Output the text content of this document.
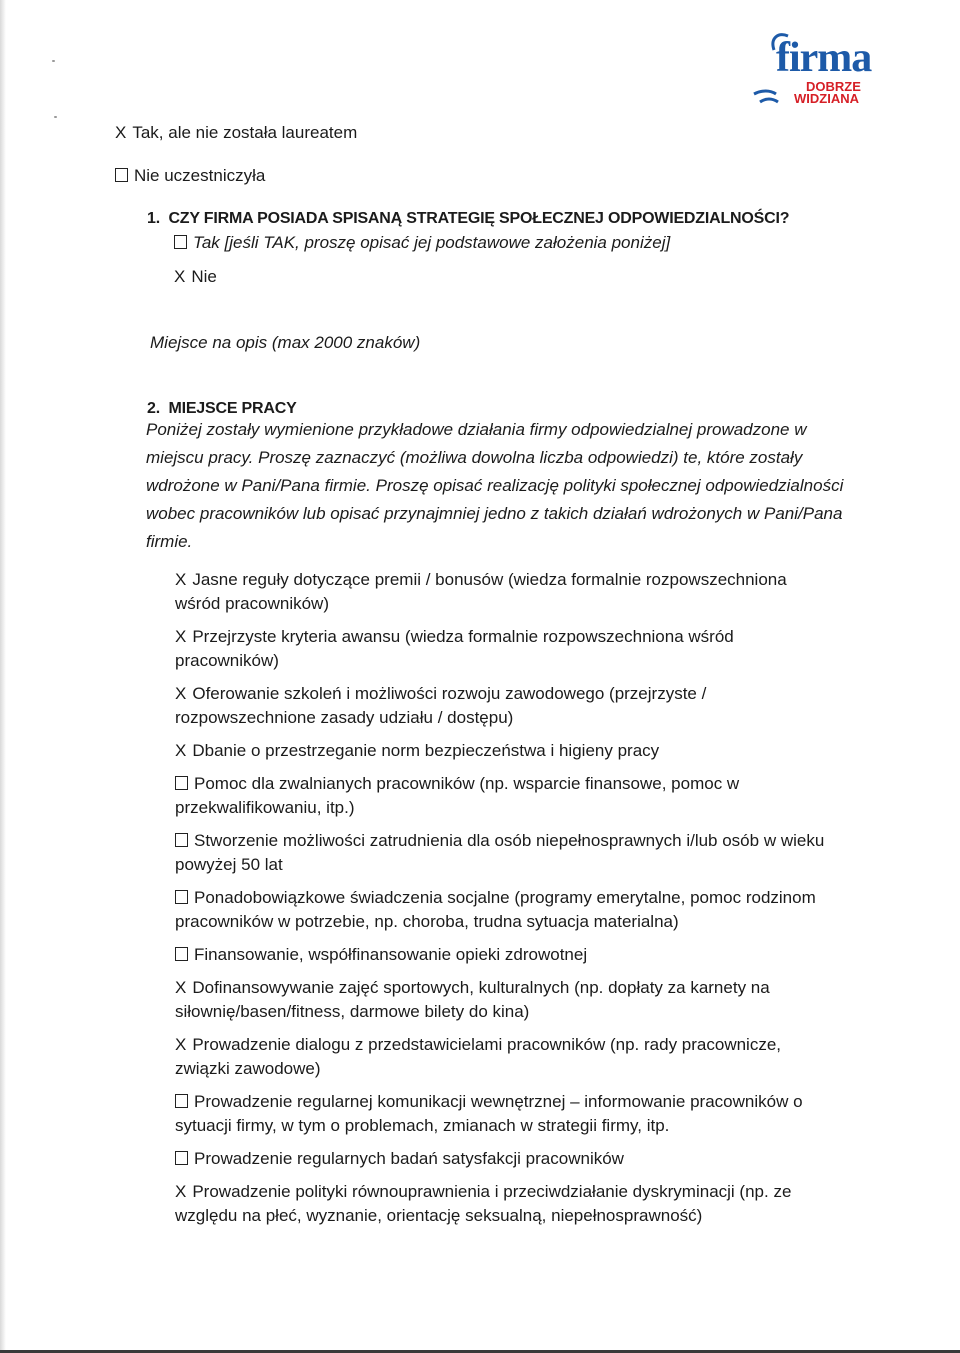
firma
DOBRZE
WIDZIANA
X Tak, ale nie została laureatem
Nie uczestniczyła
1. CZY FIRMA POSIADA SPISANĄ STRATEGIĘ SPOŁECZNEJ ODPOWIEDZIALNOŚCI?
Tak [jeśli TAK, proszę opisać jej podstawowe założenia poniżej]
X Nie
Miejsce na opis (max 2000 znaków)
2. MIEJSCE PRACY
Poniżej zostały wymienione przykładowe działania firmy odpowiedzialnej prowadzone w
miejscu pracy. Proszę zaznaczyć (możliwa dowolna liczba odpowiedzi) te, które zostały
wdrożone w Pani/Pana firmie. Proszę opisać realizację polityki społecznej odpowiedzialności
wobec pracowników lub opisać przynajmniej jedno z takich działań wdrożonych w Pani/Pana
firmie.
X Jasne reguły dotyczące premii / bonusów (wiedza formalnie rozpowszechniona
wśród pracowników)
X Przejrzyste kryteria awansu (wiedza formalnie rozpowszechniona wśród
pracowników)
X Oferowanie szkoleń i możliwości rozwoju zawodowego (przejrzyste /
rozpowszechnione zasady udziału / dostępu)
X Dbanie o przestrzeganie norm bezpieczeństwa i higieny pracy
Pomoc dla zwalnianych pracowników (np. wsparcie finansowe, pomoc w
przekwalifikowaniu, itp.)
Stworzenie możliwości zatrudnienia dla osób niepełnosprawnych i/lub osób w wieku
powyżej 50 lat
Ponadobowiązkowe świadczenia socjalne (programy emerytalne, pomoc rodzinom
pracowników w potrzebie, np. choroba, trudna sytuacja materialna)
Finansowanie, współfinansowanie opieki zdrowotnej
X Dofinansowywanie zajęć sportowych, kulturalnych (np. dopłaty za karnety na
siłownię/basen/fitness, darmowe bilety do kina)
X Prowadzenie dialogu z przedstawicielami pracowników (np. rady pracownicze,
związki zawodowe)
Prowadzenie regularnej komunikacji wewnętrznej – informowanie pracowników o
sytuacji firmy, w tym o problemach, zmianach w strategii firmy, itp.
Prowadzenie regularnych badań satysfakcji pracowników
X Prowadzenie polityki równouprawnienia i przeciwdziałanie dyskryminacji (np. ze
względu na płeć, wyznanie, orientację seksualną, niepełnosprawność)
